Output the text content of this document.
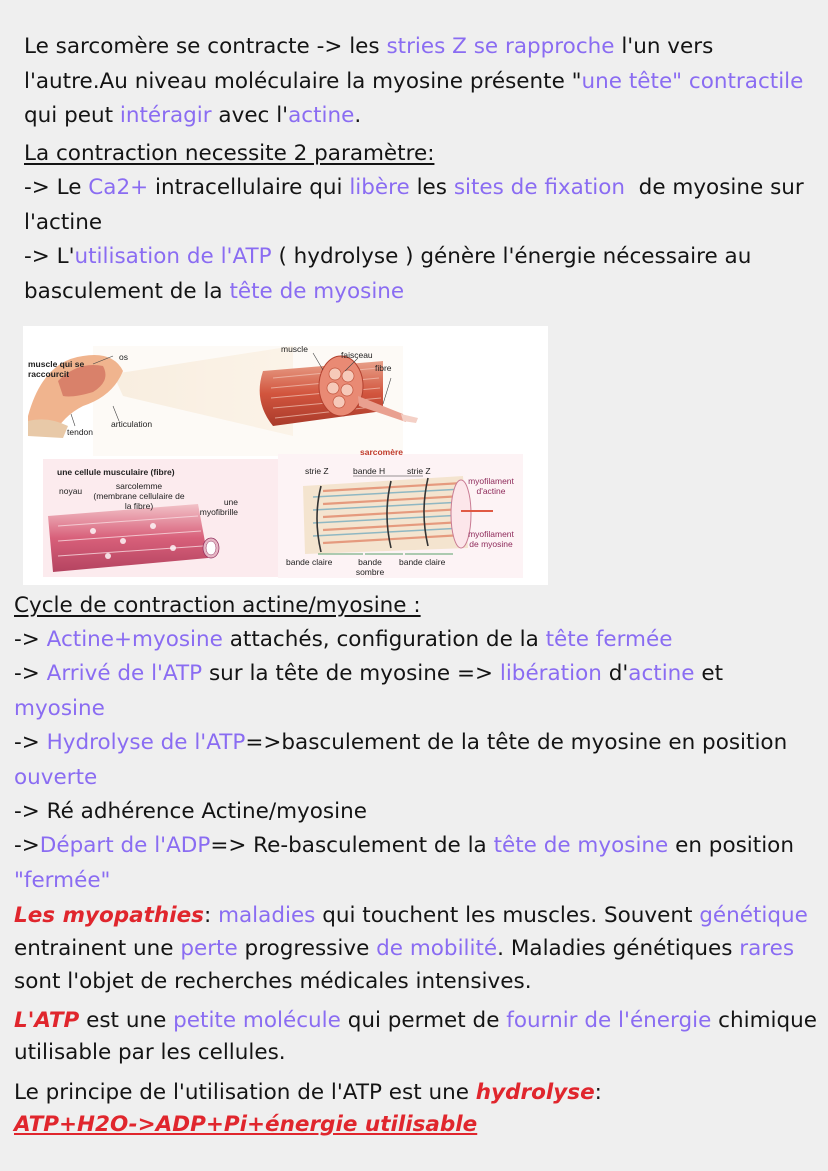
Le sarcomère se contracte -> les stries Z se rapproche l'un vers l'autre.Au niveau moléculaire la myosine présente "une tête" contractile qui peut intéragir avec l'actine.
La contraction necessite 2 paramètre:
-> Le Ca2+ intracellulaire qui libère les sites de fixation  de myosine sur l'actine
-> L'utilisation de l'ATP ( hydrolyse ) génère l'énergie nécessaire au basculement de la tête de myosine
muscle qui se raccourcit
os
tendon
articulation
muscle
faisceau
fibre
une cellule musculaire (fibre)
noyau	sarcolemme (membrane cellulaire de la fibre)	une myofibrille
sarcomère
strie Z	bande H	strie Z
myofilament d'actine
myofilament de myosine
bande claire	bande sombre
bande claire
Cycle de contraction actine/myosine :
-> Actine+myosine attachés, configuration de la tête fermée
-> Arrivé de l'ATP sur la tête de myosine => libération d'actine et myosine
-> Hydrolyse de l'ATP=>basculement de la tête de myosine en position ouverte
-> Ré adhérence Actine/myosine
->Départ de l'ADP=> Re-basculement de la tête de myosine en position "fermée"
Les myopathies: maladies qui touchent les muscles. Souvent génétique entrainent une perte progressive de mobilité. Maladies génétiques rares sont l'objet de recherches médicales intensives.
L'ATP est une petite molécule qui permet de fournir de l'énergie chimique utilisable par les cellules.
Le principe de l'utilisation de l'ATP est une hydrolyse:
ATP+H2O->ADP+Pi+énergie utilisable
